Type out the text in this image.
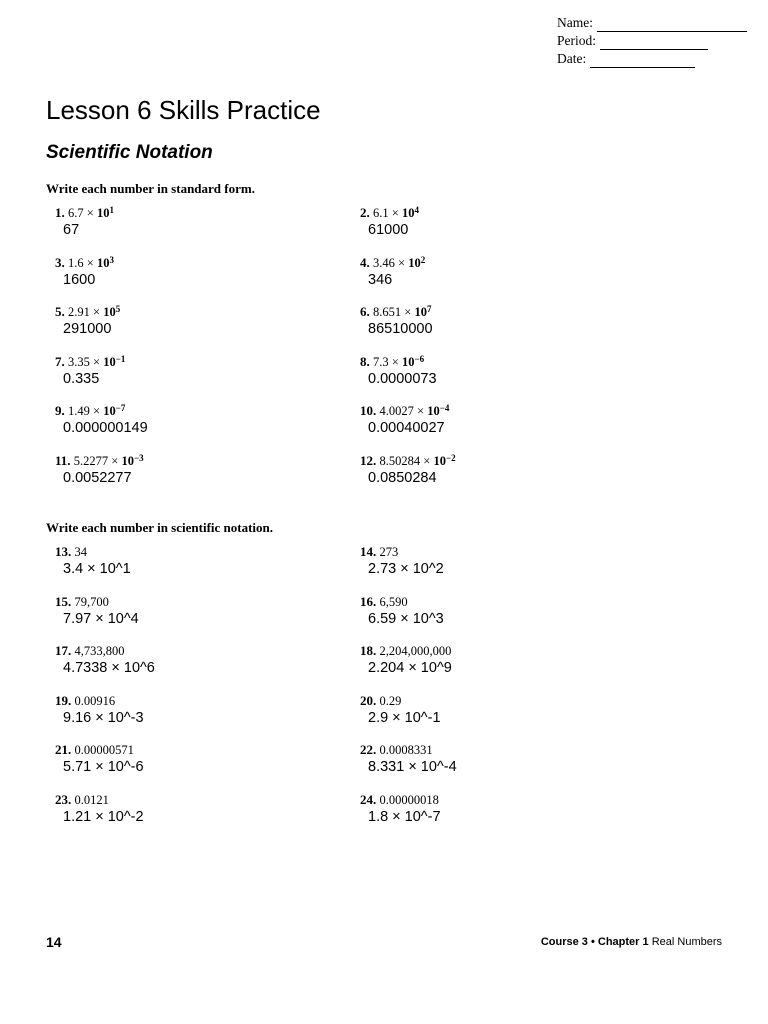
Name:
Period:
Date:
Lesson 6 Skills Practice
Scientific Notation
Write each number in standard form.
1. $6.7 \times 10^1$
67
2. $6.1 \times 10^4$
61000
3. $1.6 \times 10^3$
1600
4. $3.46 \times 10^2$
346
5. $2.91 \times 10^5$
291000
6. $8.651 \times 10^7$
86510000
7. $3.35 \times 10^{-1}$
0.335
8. $7.3 \times 10^{-6}$
0.0000073
9. $1.49 \times 10^{-7}$
0.000000149
10. $4.0027 \times 10^{-4}$
0.00040027
11. $5.2277 \times 10^{-3}$
0.0052277
12. $8.50284 \times 10^{-2}$
0.0850284
Write each number in scientific notation.
13. 34
3.4 × 10^1
14. 273
2.73 × 10^2
15. 79,700
7.97 × 10^4
16. 6,590
6.59 × 10^3
17. 4,733,800
4.7338 × 10^6
18. 2,204,000,000
2.204 × 10^9
19. 0.00916
9.16 × 10^-3
20. 0.29
2.9 × 10^-1
21. 0.00000571
5.71 × 10^-6
22. 0.0008331
8.331 × 10^-4
23. 0.0121
1.21 × 10^-2
24. 0.00000018
1.8 × 10^-7
14	Course 3 • Chapter 1 Real Numbers
